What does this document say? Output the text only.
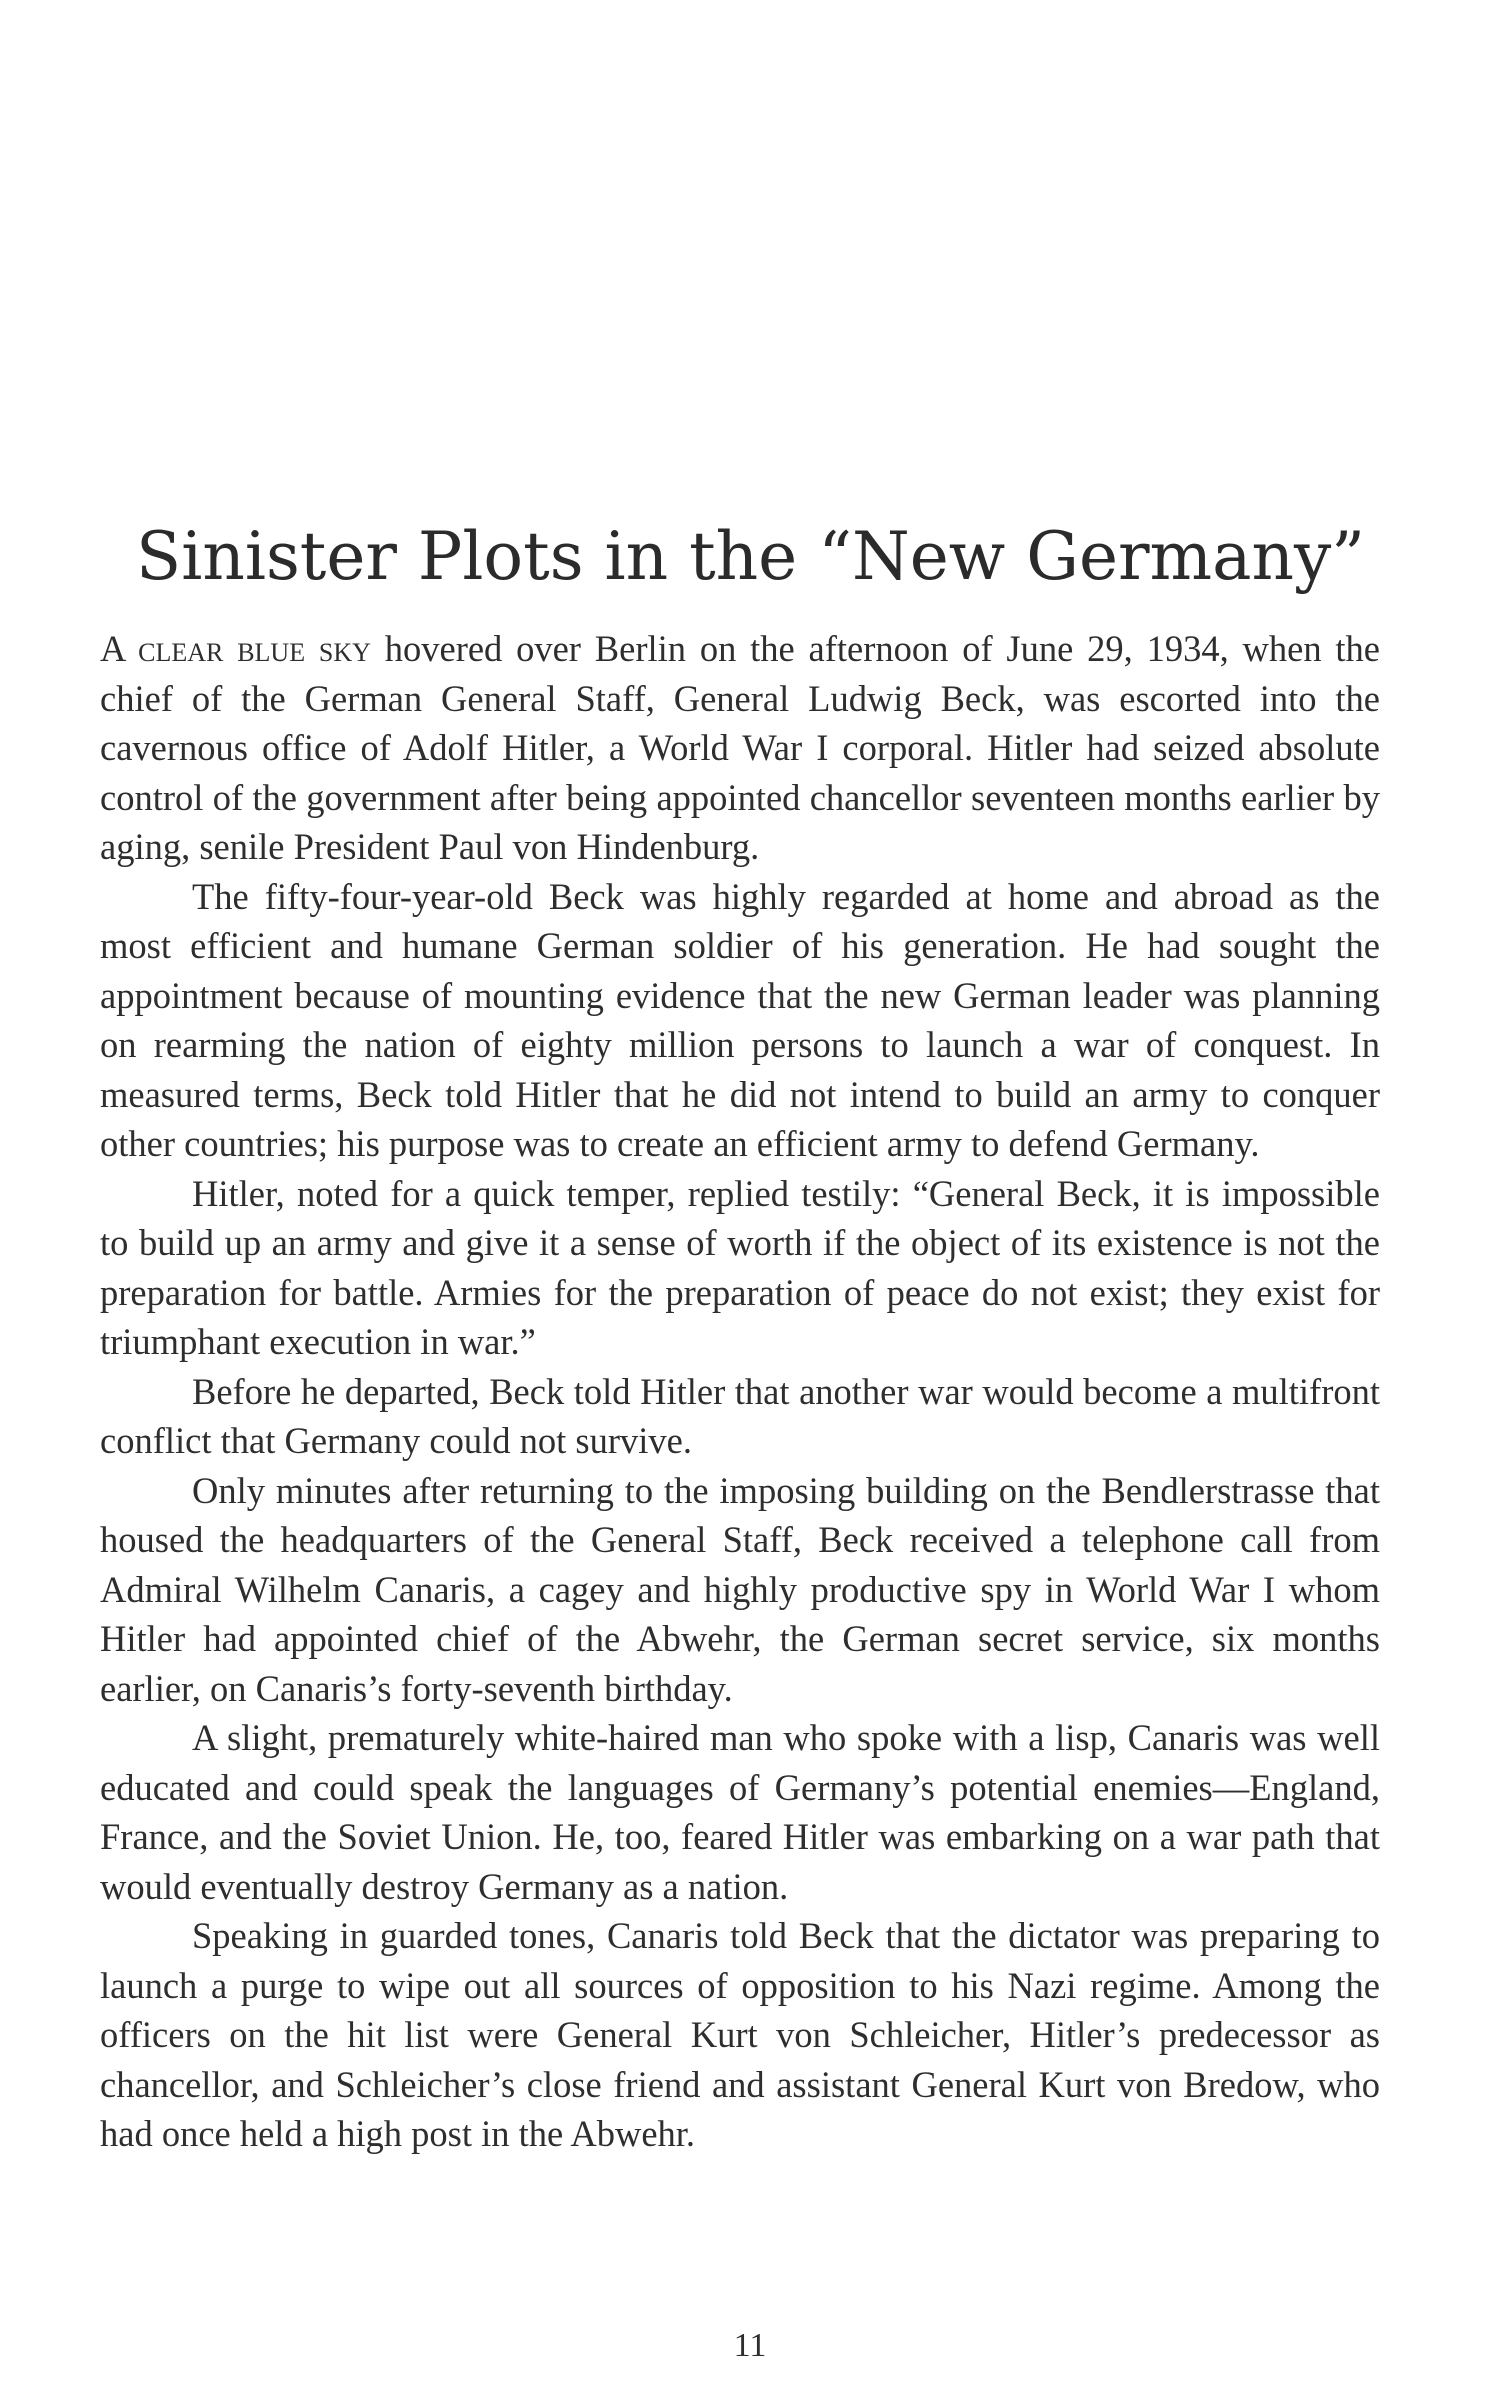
Sinister Plots in the “New Germany”

A clear blue sky hovered over Berlin on the afternoon of June 29, 1934, when the chief of the German General Staff, General Ludwig Beck, was escorted into the cavernous office of Adolf Hitler, a World War I corporal. Hitler had seized absolute control of the government after being appointed chancellor seventeen months earlier by aging, senile President Paul von Hindenburg.

The fifty-four-year-old Beck was highly regarded at home and abroad as the most efficient and humane German soldier of his generation. He had sought the appointment because of mounting evidence that the new German leader was planning on rearming the nation of eighty million persons to launch a war of conquest. In measured terms, Beck told Hitler that he did not intend to build an army to conquer other countries; his purpose was to create an efficient army to defend Germany.

Hitler, noted for a quick temper, replied testily: “General Beck, it is impossible to build up an army and give it a sense of worth if the object of its existence is not the preparation for battle. Armies for the preparation of peace do not exist; they exist for triumphant execution in war.”

Before he departed, Beck told Hitler that another war would become a multifront conflict that Germany could not survive.

Only minutes after returning to the imposing building on the Bendlerstrasse that housed the headquarters of the General Staff, Beck received a telephone call from Admiral Wilhelm Canaris, a cagey and highly productive spy in World War I whom Hitler had appointed chief of the Abwehr, the German secret service, six months earlier, on Canaris’s forty-seventh birthday.

A slight, prematurely white-haired man who spoke with a lisp, Canaris was well educated and could speak the languages of Germany’s potential enemies—England, France, and the Soviet Union. He, too, feared Hitler was embarking on a war path that would eventually destroy Germany as a nation.

Speaking in guarded tones, Canaris told Beck that the dictator was preparing to launch a purge to wipe out all sources of opposition to his Nazi regime. Among the officers on the hit list were General Kurt von Schleicher, Hitler’s predecessor as chancellor, and Schleicher’s close friend and assistant General Kurt von Bredow, who had once held a high post in the Abwehr.

11
